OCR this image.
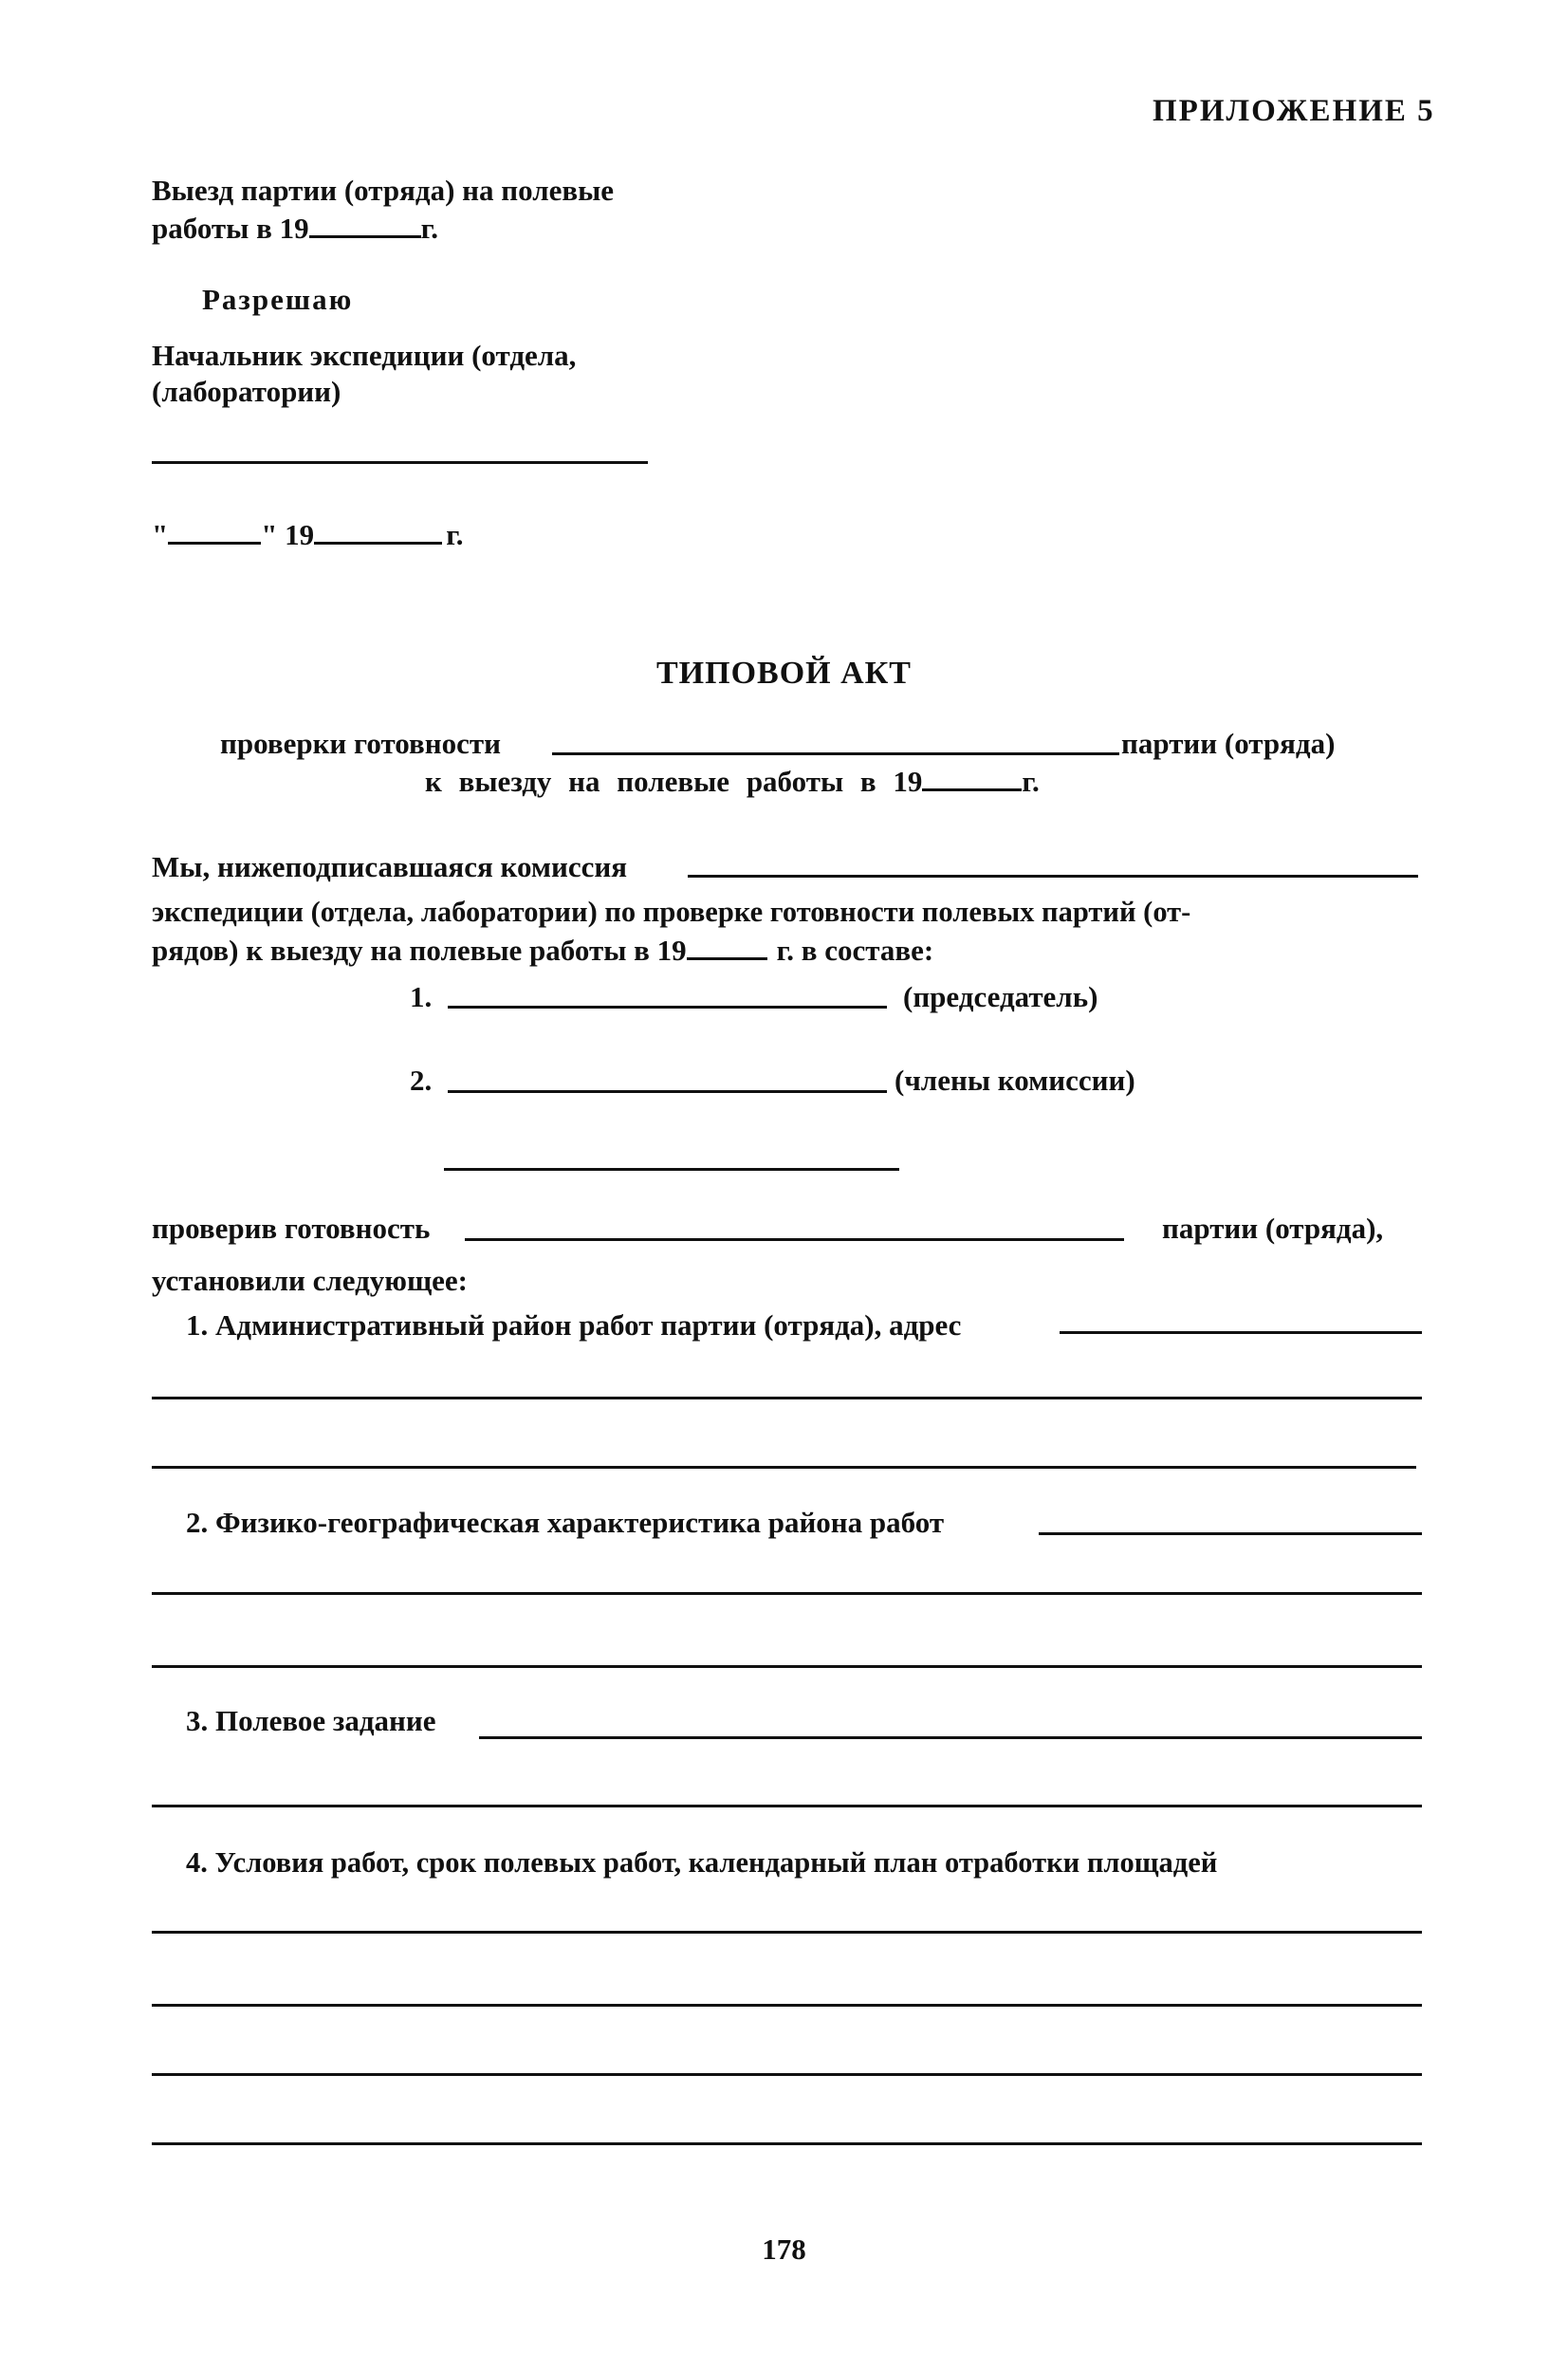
ПРИЛОЖЕНИЕ 5
Выезд партии (отряда) на полевые
работы в 19	г.
Разрешаю
Начальник экспедиции (отдела,
(лаборатории)
"	" 19	г.
ТИПОВОЙ АКТ
проверки готовности	партии (отряда)
к выезду на полевые работы в 19	г.
Мы, нижеподписавшаяся комиссия
экспедиции (отдела, лаборатории) по проверке готовности полевых партий (от-
рядов) к выезду на полевые работы в 19	г. в составе:
1.	(председатель)
2.	(члены комиссии)
проверив готовность	партии (отряда),
установили следующее:
1. Административный район работ партии (отряда), адрес
2. Физико-географическая характеристика района работ
3. Полевое задание
4. Условия работ, срок полевых работ, календарный план отработки площадей
178
